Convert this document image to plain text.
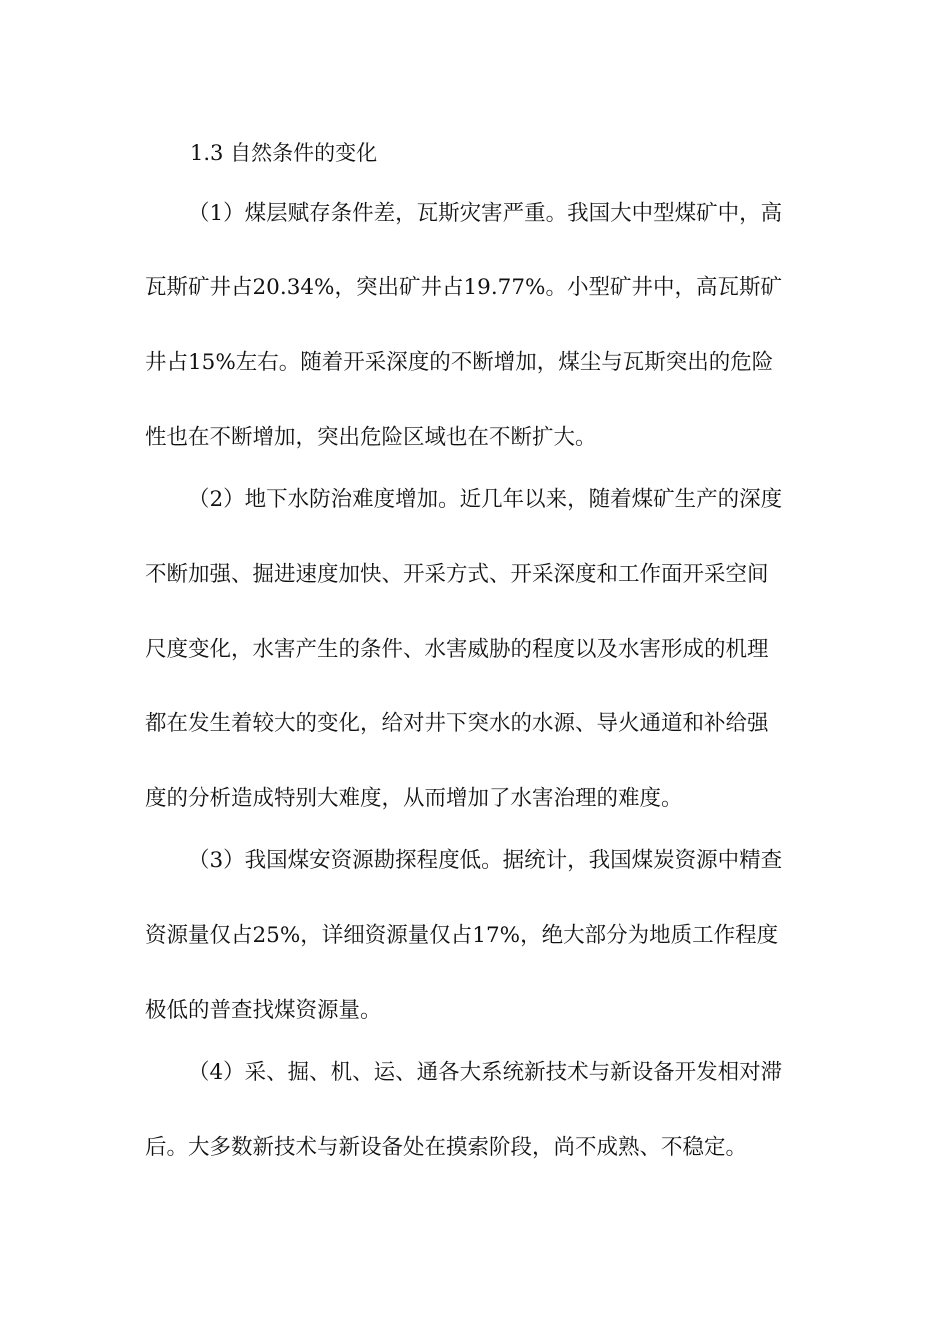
1.3 自然条件的变化
（1）煤层赋存条件差，瓦斯灾害严重。我国大中型煤矿中，高
瓦斯矿井占20.34%，突出矿井占19.77%。小型矿井中，高瓦斯矿
井占15%左右。随着开采深度的不断增加，煤尘与瓦斯突出的危险
性也在不断增加，突出危险区域也在不断扩大。
（2）地下水防治难度增加。近几年以来，随着煤矿生产的深度
不断加强、掘进速度加快、开采方式、开采深度和工作面开采空间
尺度变化，水害产生的条件、水害威胁的程度以及水害形成的机理
都在发生着较大的变化，给对井下突水的水源、导火通道和补给强
度的分析造成特别大难度，从而增加了水害治理的难度。
（3）我国煤安资源勘探程度低。据统计，我国煤炭资源中精查
资源量仅占25%，详细资源量仅占17%，绝大部分为地质工作程度
极低的普查找煤资源量。
（4）采、掘、机、运、通各大系统新技术与新设备开发相对滞
后。大多数新技术与新设备处在摸索阶段，尚不成熟、不稳定。
